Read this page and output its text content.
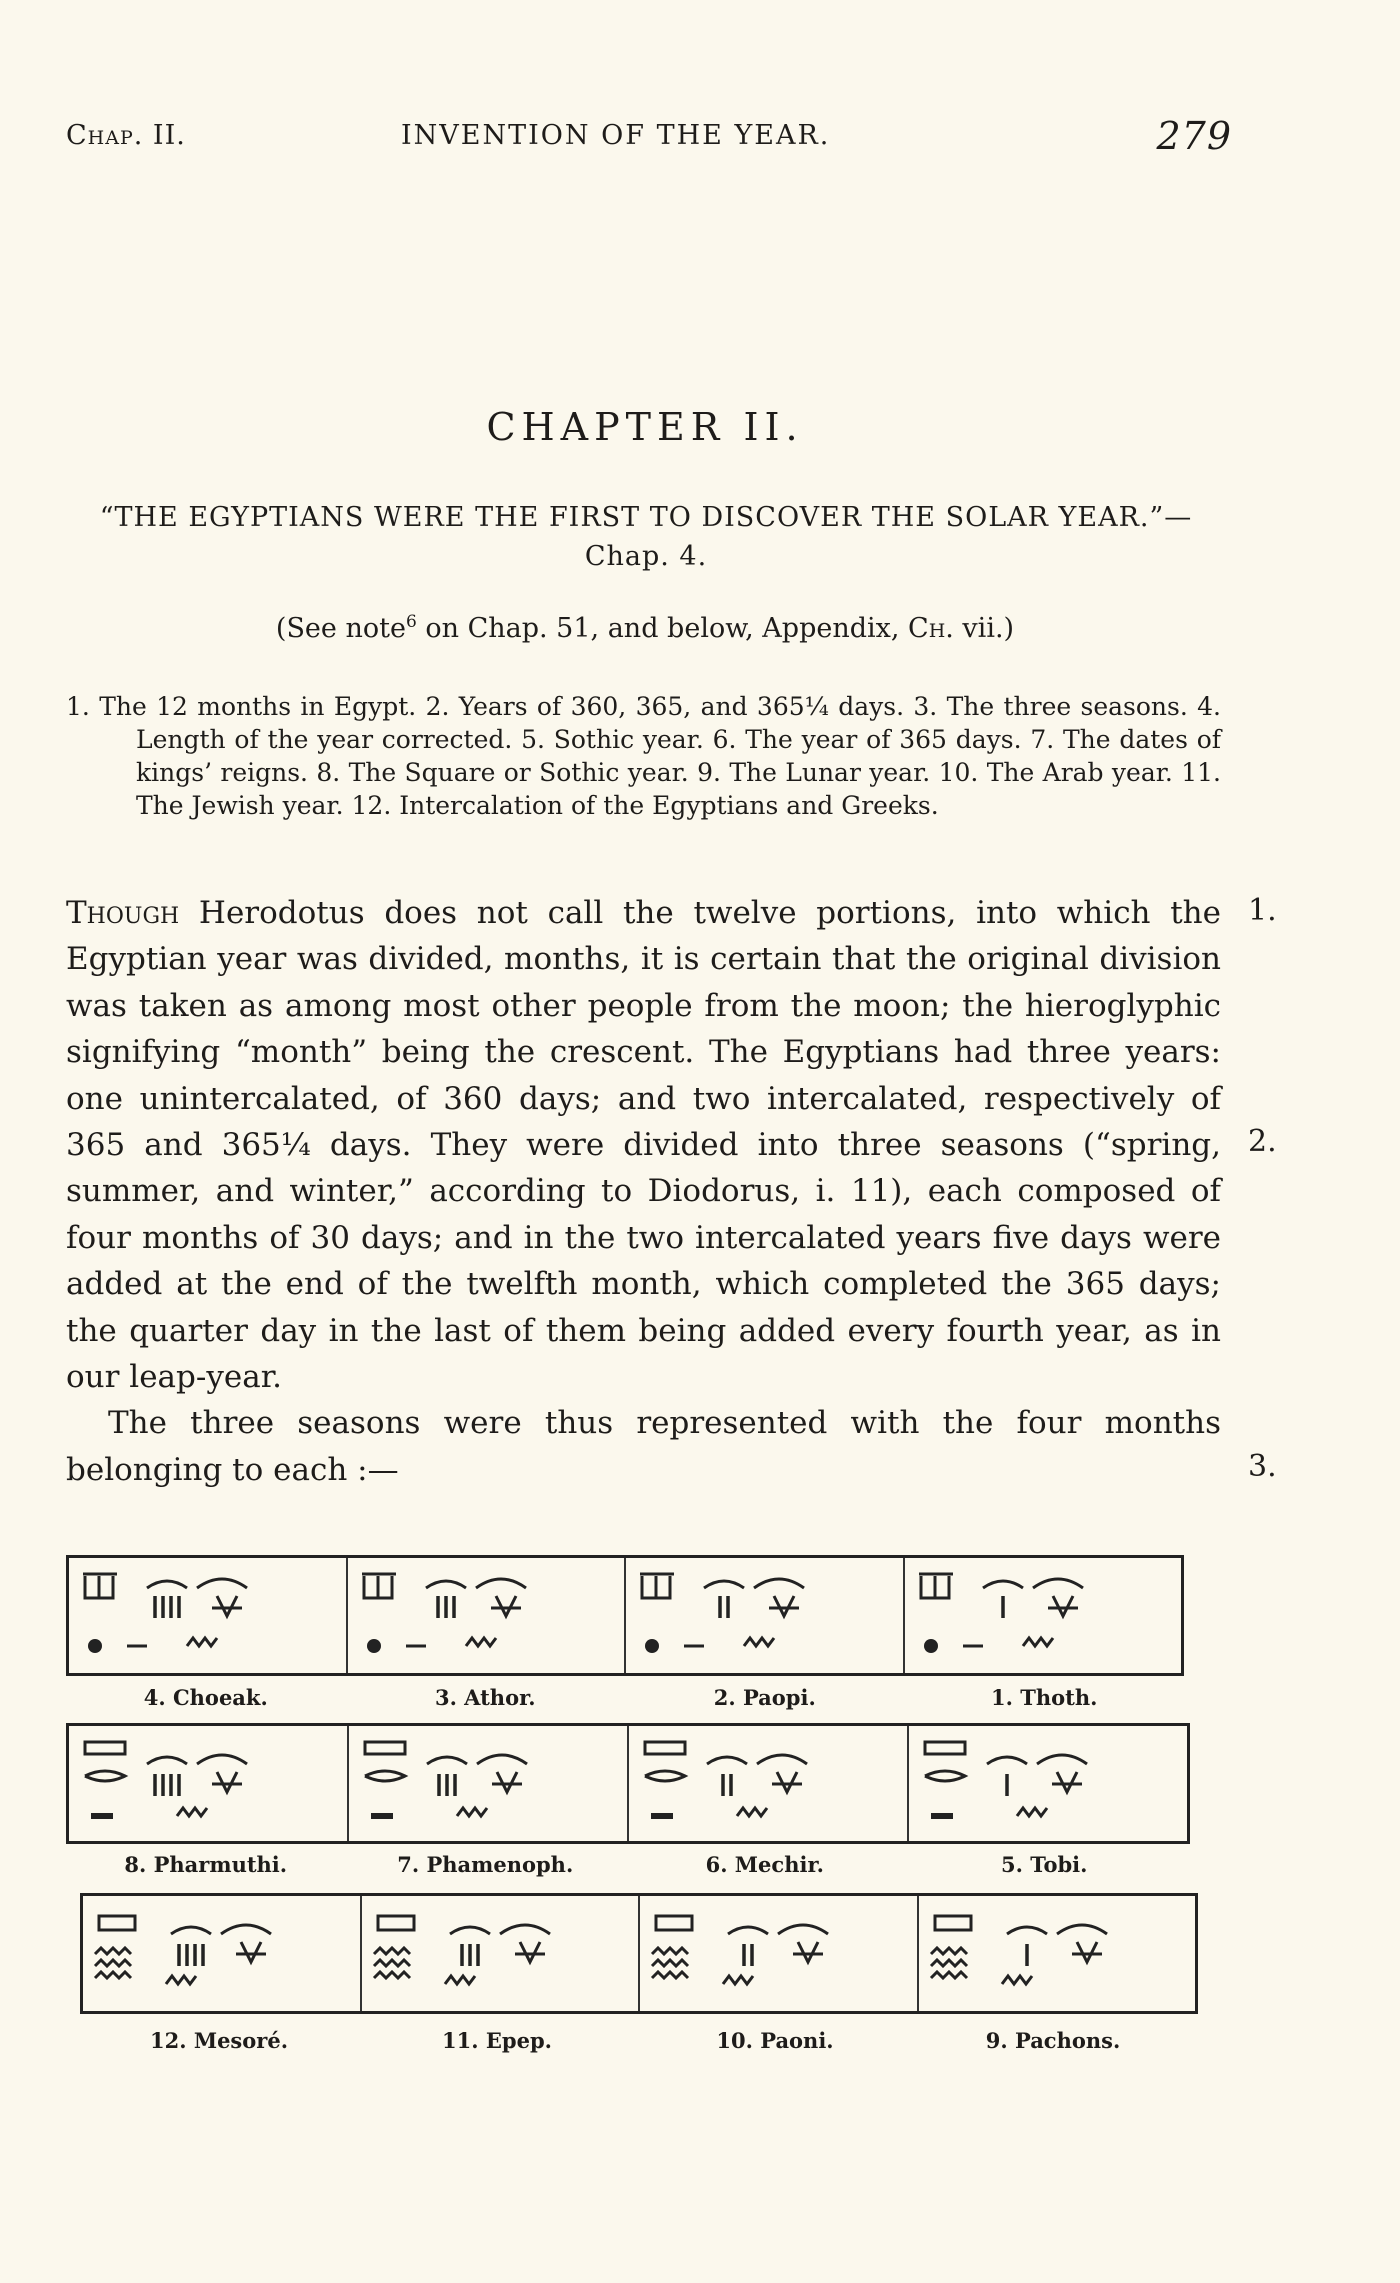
Chap. II.	INVENTION OF THE YEAR.	279
CHAPTER II.
“THE EGYPTIANS WERE THE FIRST TO DISCOVER THE SOLAR YEAR.”—Chap. 4.
(See note$^6$ on Chap. 51, and below, Appendix, Ch. vii.)
1. The 12 months in Egypt. 2. Years of 360, 365, and 365¼ days. 3. The three seasons. 4. Length of the year corrected. 5. Sothic year. 6. The year of 365 days. 7. The dates of kings’ reigns. 8. The Square or Sothic year. 9. The Lunar year. 10. The Arab year. 11. The Jewish year. 12. Intercalation of the Egyptians and Greeks.

Though Herodotus does not call the twelve portions, into which the Egyptian year was divided, months, it is certain that the original division was taken as among most other people from the moon; the hieroglyphic signifying “month” being the crescent. The Egyptians had three years: one unintercalated, of 360 days; and two intercalated, respectively of 365 and 365¼ days. They were divided into three seasons (“spring, summer, and winter,” according to Diodorus, i. 11), each composed of four months of 30 days; and in the two intercalated years five days were added at the end of the twelfth month, which completed the 365 days; the quarter day in the last of them being added every fourth year, as in our leap-year.

The three seasons were thus represented with the four months belonging to each :—

1.
2.
3.
4. Choeak.	3. Athor.	2. Paopi.	1. Thoth.
8. Pharmuthi.	7. Phamenoph.	6. Mechir.	5. Tobi.
12. Mesoré.	11. Epep.	10. Paoni.	9. Pachons.
